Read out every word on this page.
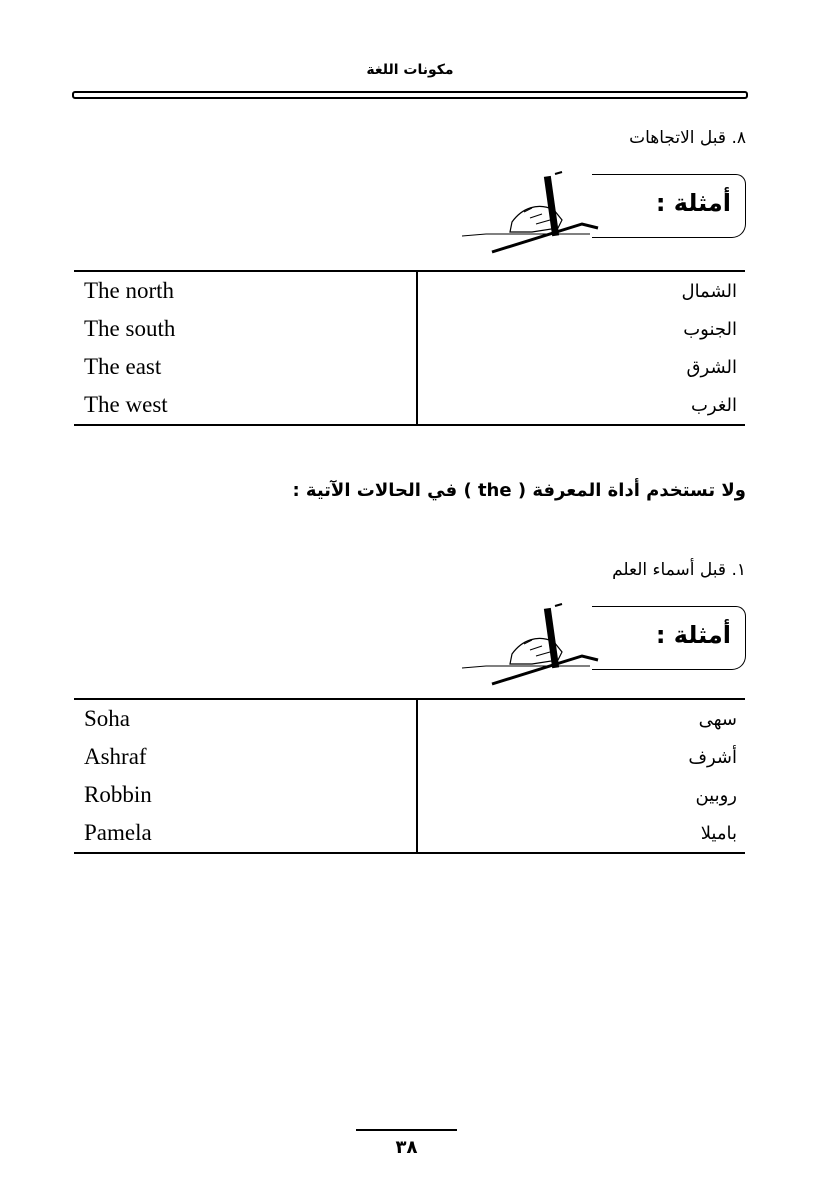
مكونات اللغة
٨. قبل الاتجاهات
أمثلة :
The north	الشمال
The south	الجنوب
The east	الشرق
The west	الغرب
ولا تستخدم أداة المعرفة ( the ) في الحالات الآتية :
١. قبل أسماء العلم
أمثلة :
Soha	سهى
Ashraf	أشرف
Robbin	روبين
Pamela	باميلا
٣٨
